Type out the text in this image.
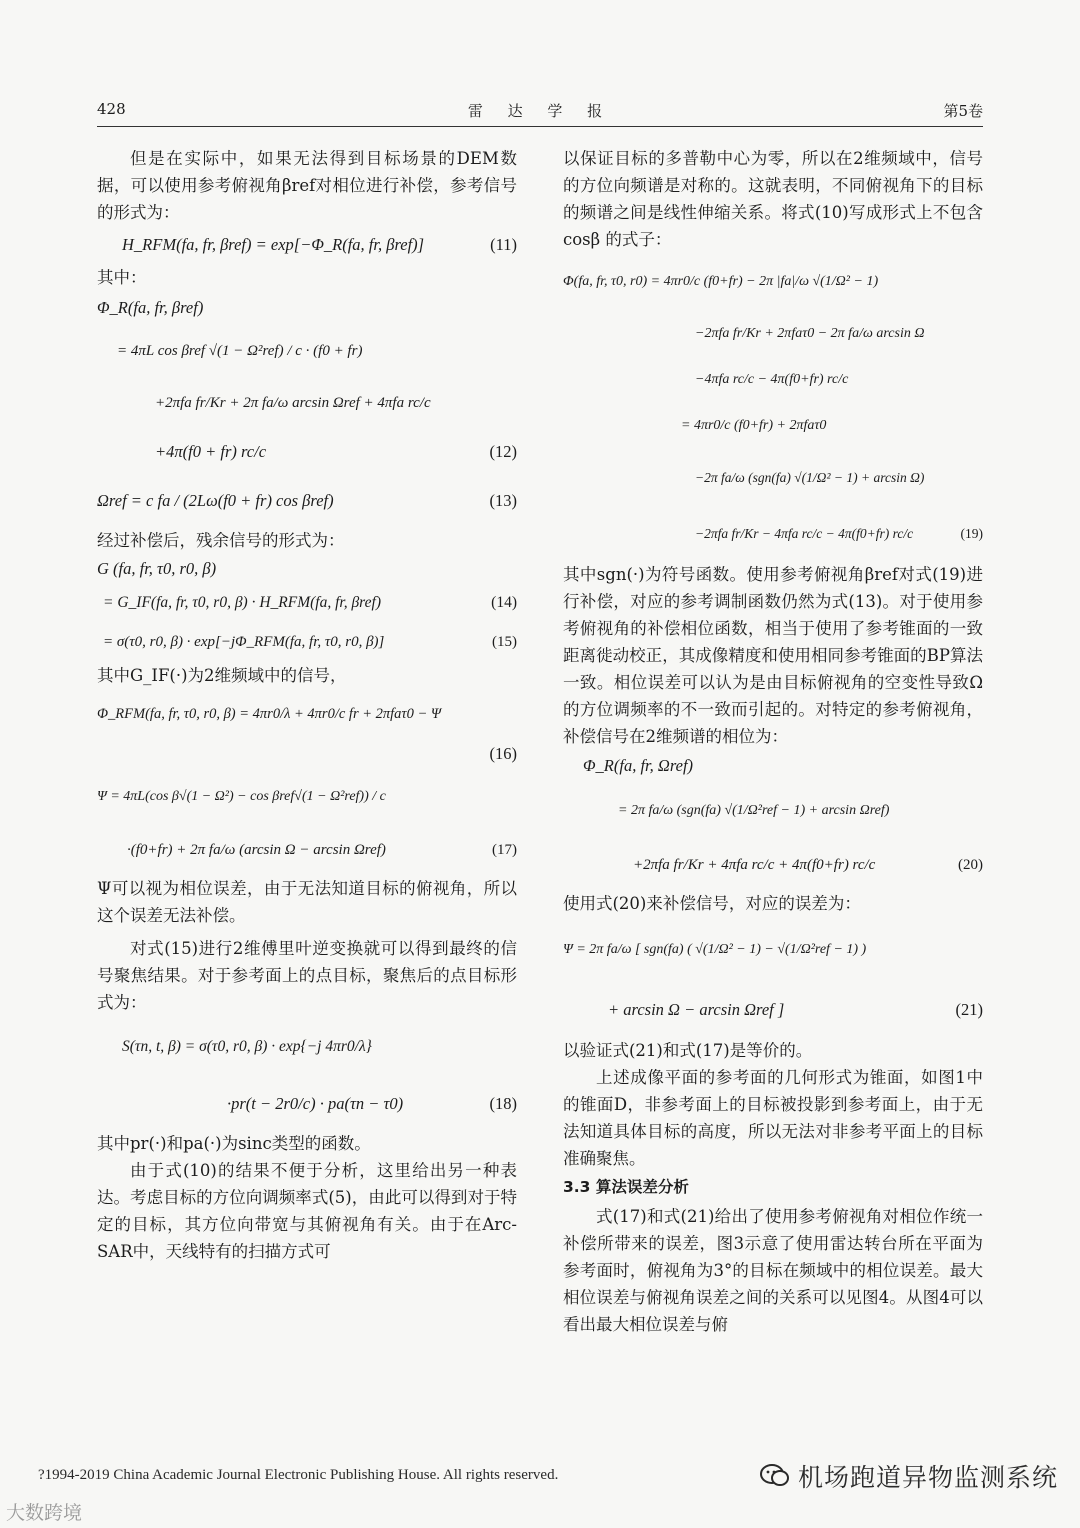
428	雷 达 学 报	第5卷

但是在实际中，如果无法得到目标场景的DEM数据，可以使用参考俯视角βref对相位进行补偿，参考信号的形式为：

H_RFM(fa, fr, βref) = exp[−Φ_R(fa, fr, βref)]	(11)

其中：

Φ_R(fa, fr, βref)
= 4πL cos βref √(1 − Ω²ref) / c · (f0 + fr)
+2πfa fr/Kr + 2π fa/ω arcsin Ωref + 4πfa rc/c
+4π(f0 + fr) rc/c	(12)
Ωref = c fa / (2Lω(f0 + fr) cos βref)	(13)

经过补偿后，残余信号的形式为：

G (fa, fr, τ0, r0, β)
= G_IF(fa, fr, τ0, r0, β) · H_RFM(fa, fr, βref)	(14)
= σ(τ0, r0, β) · exp[−jΦ_RFM(fa, fr, τ0, r0, β)]	(15)

其中G_IF(·)为2维频域中的信号，

Φ_RFM(fa, fr, τ0, r0, β) = 4πr0/λ + 4πr0/c fr + 2πfaτ0 − Ψ
(16)
Ψ = 4πL(cos β√(1 − Ω²) − cos βref√(1 − Ω²ref)) / c
·(f0+fr) + 2π fa/ω (arcsin Ω − arcsin Ωref)	(17)

Ψ可以视为相位误差，由于无法知道目标的俯视角，所以这个误差无法补偿。

对式(15)进行2维傅里叶逆变换就可以得到最终的信号聚焦结果。对于参考面上的点目标，聚焦后的点目标形式为：

S(τn, t, β) = σ(τ0, r0, β) · exp{−j 4πr0/λ}
·pr(t − 2r0/c) · pa(τn − τ0)	(18)

其中pr(·)和pa(·)为sinc类型的函数。

由于式(10)的结果不便于分析，这里给出另一种表达。考虑目标的方位向调频率式(5)，由此可以得到对于特定的目标，其方位向带宽与其俯视角有关。由于在Arc-SAR中，天线特有的扫描方式可

以保证目标的多普勒中心为零，所以在2维频域中，信号的方位向频谱是对称的。这就表明，不同俯视角下的目标的频谱之间是线性伸缩关系。将式(10)写成形式上不包含 cosβ 的式子：

Φ(fa, fr, τ0, r0) = 4πr0/c (f0+fr) − 2π |fa|/ω √(1/Ω² − 1)
−2πfa fr/Kr + 2πfaτ0 − 2π fa/ω arcsin Ω
−4πfa rc/c − 4π(f0+fr) rc/c
= 4πr0/c (f0+fr) + 2πfaτ0
−2π fa/ω (sgn(fa) √(1/Ω² − 1) + arcsin Ω)
−2πfa fr/Kr − 4πfa rc/c − 4π(f0+fr) rc/c	(19)

其中sgn(·)为符号函数。使用参考俯视角βref对式(19)进行补偿，对应的参考调制函数仍然为式(13)。对于使用参考俯视角的补偿相位函数，相当于使用了参考锥面的一致距离徙动校正，其成像精度和使用相同参考锥面的BP算法一致。相位误差可以认为是由目标俯视角的空变性导致Ω的方位调频率的不一致而引起的。对特定的参考俯视角，补偿信号在2维频谱的相位为：

Φ_R(fa, fr, Ωref)
= 2π fa/ω (sgn(fa) √(1/Ω²ref − 1) + arcsin Ωref)
+2πfa fr/Kr + 4πfa rc/c + 4π(f0+fr) rc/c	(20)

使用式(20)来补偿信号，对应的误差为：

Ψ = 2π fa/ω [ sgn(fa) ( √(1/Ω² − 1) − √(1/Ω²ref − 1) )
+ arcsin Ω − arcsin Ωref ]	(21)

以验证式(21)和式(17)是等价的。

上述成像平面的参考面的几何形式为锥面，如图1中的锥面D，非参考面上的目标被投影到参考面上，由于无法知道具体目标的高度，所以无法对非参考平面上的目标准确聚焦。

3.3 算法误差分析

式(17)和式(21)给出了使用参考俯视角对相位作统一补偿所带来的误差，图3示意了使用雷达转台所在平面为参考面时，俯视角为3°的目标在频域中的相位误差。最大相位误差与俯视角误差之间的关系可以见图4。从图4可以看出最大相位误差与俯

?1994-2019 China Academic Journal Electronic Publishing House. All rights reserved.	机场跑道异物监测系统
大数跨境
